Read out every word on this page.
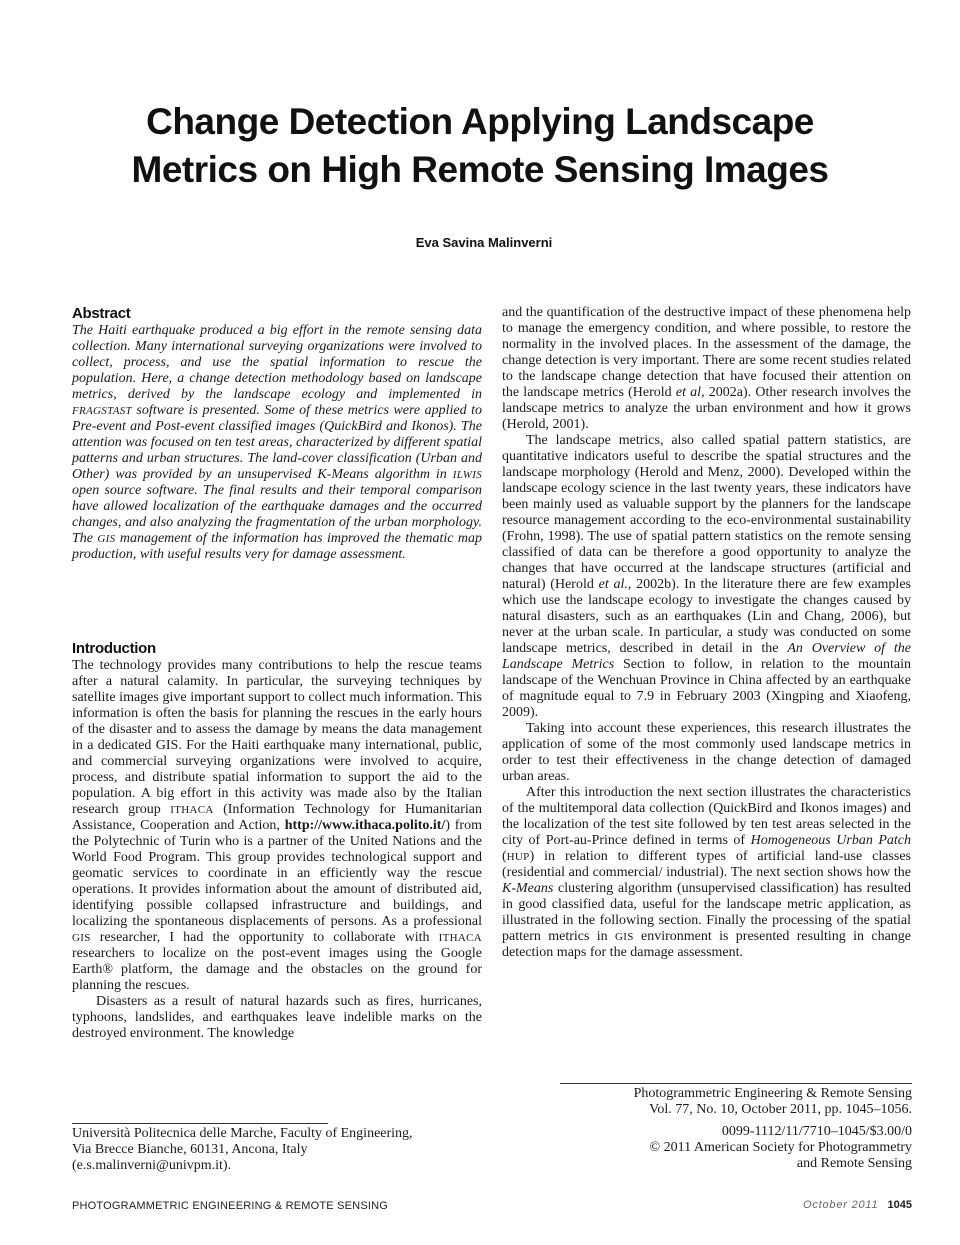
Change Detection Applying Landscape
Metrics on High Remote Sensing Images
Eva Savina Malinverni

Abstract

The Haiti earthquake produced a big effort in the remote sensing data collection. Many international surveying organizations were involved to collect, process, and use the spatial information to rescue the population. Here, a change detection methodology based on landscape metrics, derived by the landscape ecology and implemented in FRAGSTAST software is presented. Some of these metrics were applied to Pre-event and Post-event classified images (QuickBird and Ikonos). The attention was focused on ten test areas, characterized by different spatial patterns and urban structures. The land-cover classification (Urban and Other) was provided by an unsupervised K-Means algorithm in ILWIS open source software. The final results and their temporal comparison have allowed localization of the earthquake damages and the occurred changes, and also analyzing the fragmentation of the urban morphology. The GIS management of the information has improved the thematic map production, with useful results very for damage assessment.

Introduction

The technology provides many contributions to help the rescue teams after a natural calamity. In particular, the surveying techniques by satellite images give important support to collect much information. This information is often the basis for planning the rescues in the early hours of the disaster and to assess the damage by means the data management in a dedicated GIS. For the Haiti earthquake many international, public, and commercial surveying organizations were involved to acquire, process, and distribute spatial information to support the aid to the population. A big effort in this activity was made also by the Italian research group ITHACA (Information Technology for Humanitarian Assistance, Cooperation and Action, http://www.ithaca.polito.it/) from the Polytechnic of Turin who is a partner of the United Nations and the World Food Program. This group provides technological support and geomatic services to coordinate in an efficiently way the rescue operations. It provides information about the amount of distributed aid, identifying possible collapsed infrastructure and buildings, and localizing the spontaneous displacements of persons. As a professional GIS researcher, I had the opportunity to collaborate with ITHACA researchers to localize on the post-event images using the Google Earth® platform, the damage and the obstacles on the ground for planning the rescues.

Disasters as a result of natural hazards such as fires, hurricanes, typhoons, landslides, and earthquakes leave indelible marks on the destroyed environment. The knowledge

and the quantification of the destructive impact of these phenomena help to manage the emergency condition, and where possible, to restore the normality in the involved places. In the assessment of the damage, the change detection is very important. There are some recent studies related to the landscape change detection that have focused their attention on the landscape metrics (Herold et al, 2002a). Other research involves the landscape metrics to analyze the urban environment and how it grows (Herold, 2001).

The landscape metrics, also called spatial pattern statistics, are quantitative indicators useful to describe the spatial structures and the landscape morphology (Herold and Menz, 2000). Developed within the landscape ecology science in the last twenty years, these indicators have been mainly used as valuable support by the planners for the landscape resource management according to the eco-environmental sustainability (Frohn, 1998). The use of spatial pattern statistics on the remote sensing classified of data can be therefore a good opportunity to analyze the changes that have occurred at the landscape structures (artificial and natural) (Herold et al., 2002b). In the literature there are few examples which use the landscape ecology to investigate the changes caused by natural disasters, such as an earthquakes (Lin and Chang, 2006), but never at the urban scale. In particular, a study was conducted on some landscape metrics, described in detail in the An Overview of the Landscape Metrics Section to follow, in relation to the mountain landscape of the Wenchuan Province in China affected by an earthquake of magnitude equal to 7.9 in February 2003 (Xingping and Xiaofeng, 2009).

Taking into account these experiences, this research illustrates the application of some of the most commonly used landscape metrics in order to test their effectiveness in the change detection of damaged urban areas.

After this introduction the next section illustrates the characteristics of the multitemporal data collection (QuickBird and Ikonos images) and the localization of the test site followed by ten test areas selected in the city of Port-au-Prince defined in terms of Homogeneous Urban Patch (HUP) in relation to different types of artificial land-use classes (residential and commercial/ industrial). The next section shows how the K-Means clustering algorithm (unsupervised classification) has resulted in good classified data, useful for the landscape metric application, as illustrated in the following section. Finally the processing of the spatial pattern metrics in GIS environment is presented resulting in change detection maps for the damage assessment.

Photogrammetric Engineering & Remote Sensing
Vol. 77, No. 10, October 2011, pp. 1045–1056.
0099-1112/11/7710–1045/$3.00/0
© 2011 American Society for Photogrammetry
and Remote Sensing
Università Politecnica delle Marche, Faculty of Engineering,
Via Brecce Bianche, 60131, Ancona, Italy
(e.s.malinverni@univpm.it).
PHOTOGRAMMETRIC ENGINEERING & REMOTE SENSING	October 2011 1045
